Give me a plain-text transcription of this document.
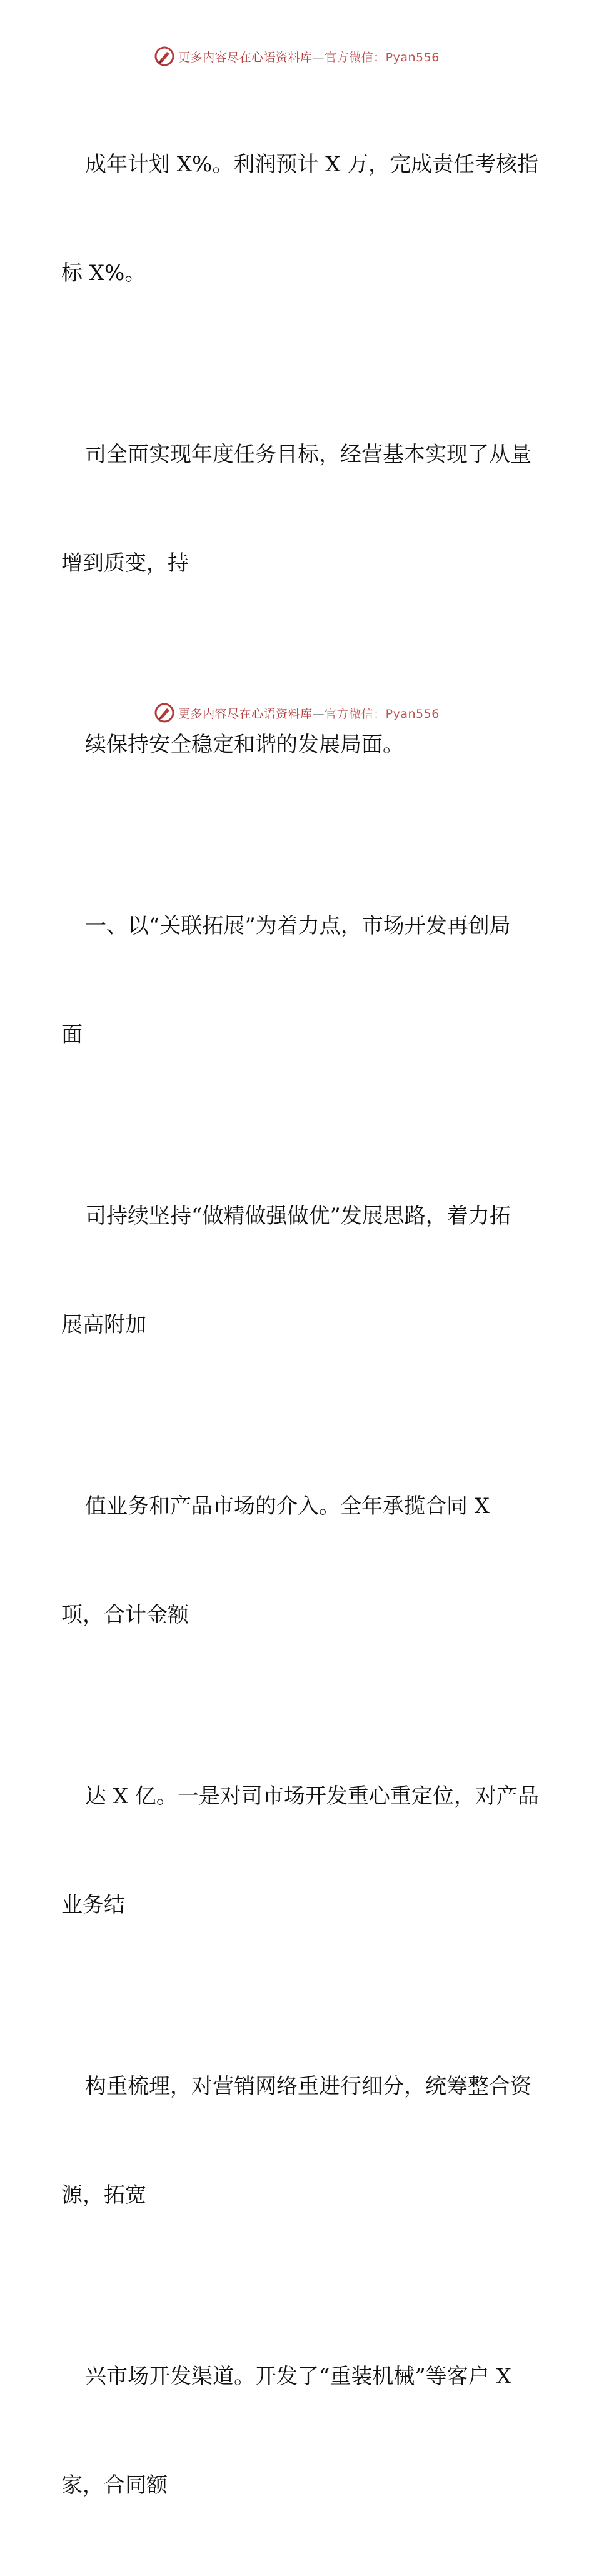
更多内容尽在心语资料库—官方微信：Pyan556

成年计划 X%。利润预计 X 万，完成责任考核指

标 X%。

司全面实现年度任务目标，经营基本实现了从量

增到质变，持

续保持安全稳定和谐的发展局面。

一、以“关联拓展”为着力点，市场开发再创局

面

司持续坚持“做精做强做优”发展思路，着力拓

展高附加

值业务和产品市场的介入。全年承揽合同 X

项，合计金额

达 X 亿。一是对司市场开发重心重定位，对产品

业务结

构重梳理，对营销网络重进行细分，统筹整合资

源，拓宽

兴市场开发渠道。开发了“重装机械”等客户 X

家，合同额

更多内容尽在心语资料库—官方微信：Pyan556
